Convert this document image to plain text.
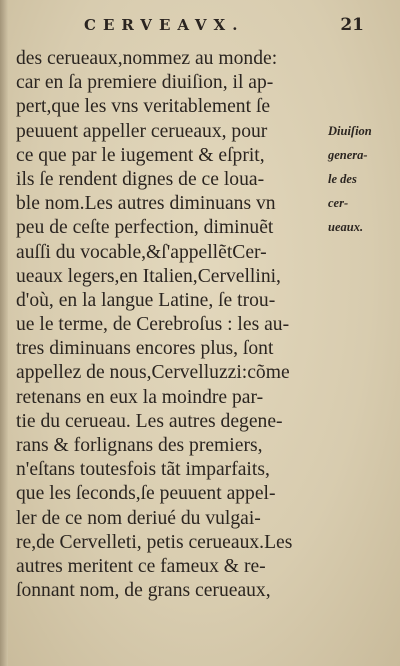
CERVEAVX.	21
des cerueaux,nommez au monde:
car en ſa premiere diuiſion, il ap-
pert,que les vns veritablement ſe
peuuent appeller cerueaux, pour
ce que par le iugement & eſprit,
ils ſe rendent dignes de ce loua-
ble nom.Les autres diminuans vn
peu de ceſte perfection, diminuẽt
auſſi du vocable,&ſ'appellẽtCer-
ueaux legers,en Italien,Cervellini,
d'où, en la langue Latine, ſe trou-
ue le terme, de Cerebroſus : les au-
tres diminuans encores plus, ſont
appellez de nous,Cervelluzzi:cõme
retenans en eux la moindre par-
tie du cerueau. Les autres degene-
rans & forlignans des premiers,
n'eſtans toutesfois tãt imparfaits,
que les ſeconds,ſe peuuent appel-
ler de ce nom deriué du vulgai-
re,de Cervelleti, petis cerueaux.Les
autres meritent ce fameux & re-
ſonnant nom, de grans cerueaux,
Diuiſion
genera-
le des
cer-
ueaux.
